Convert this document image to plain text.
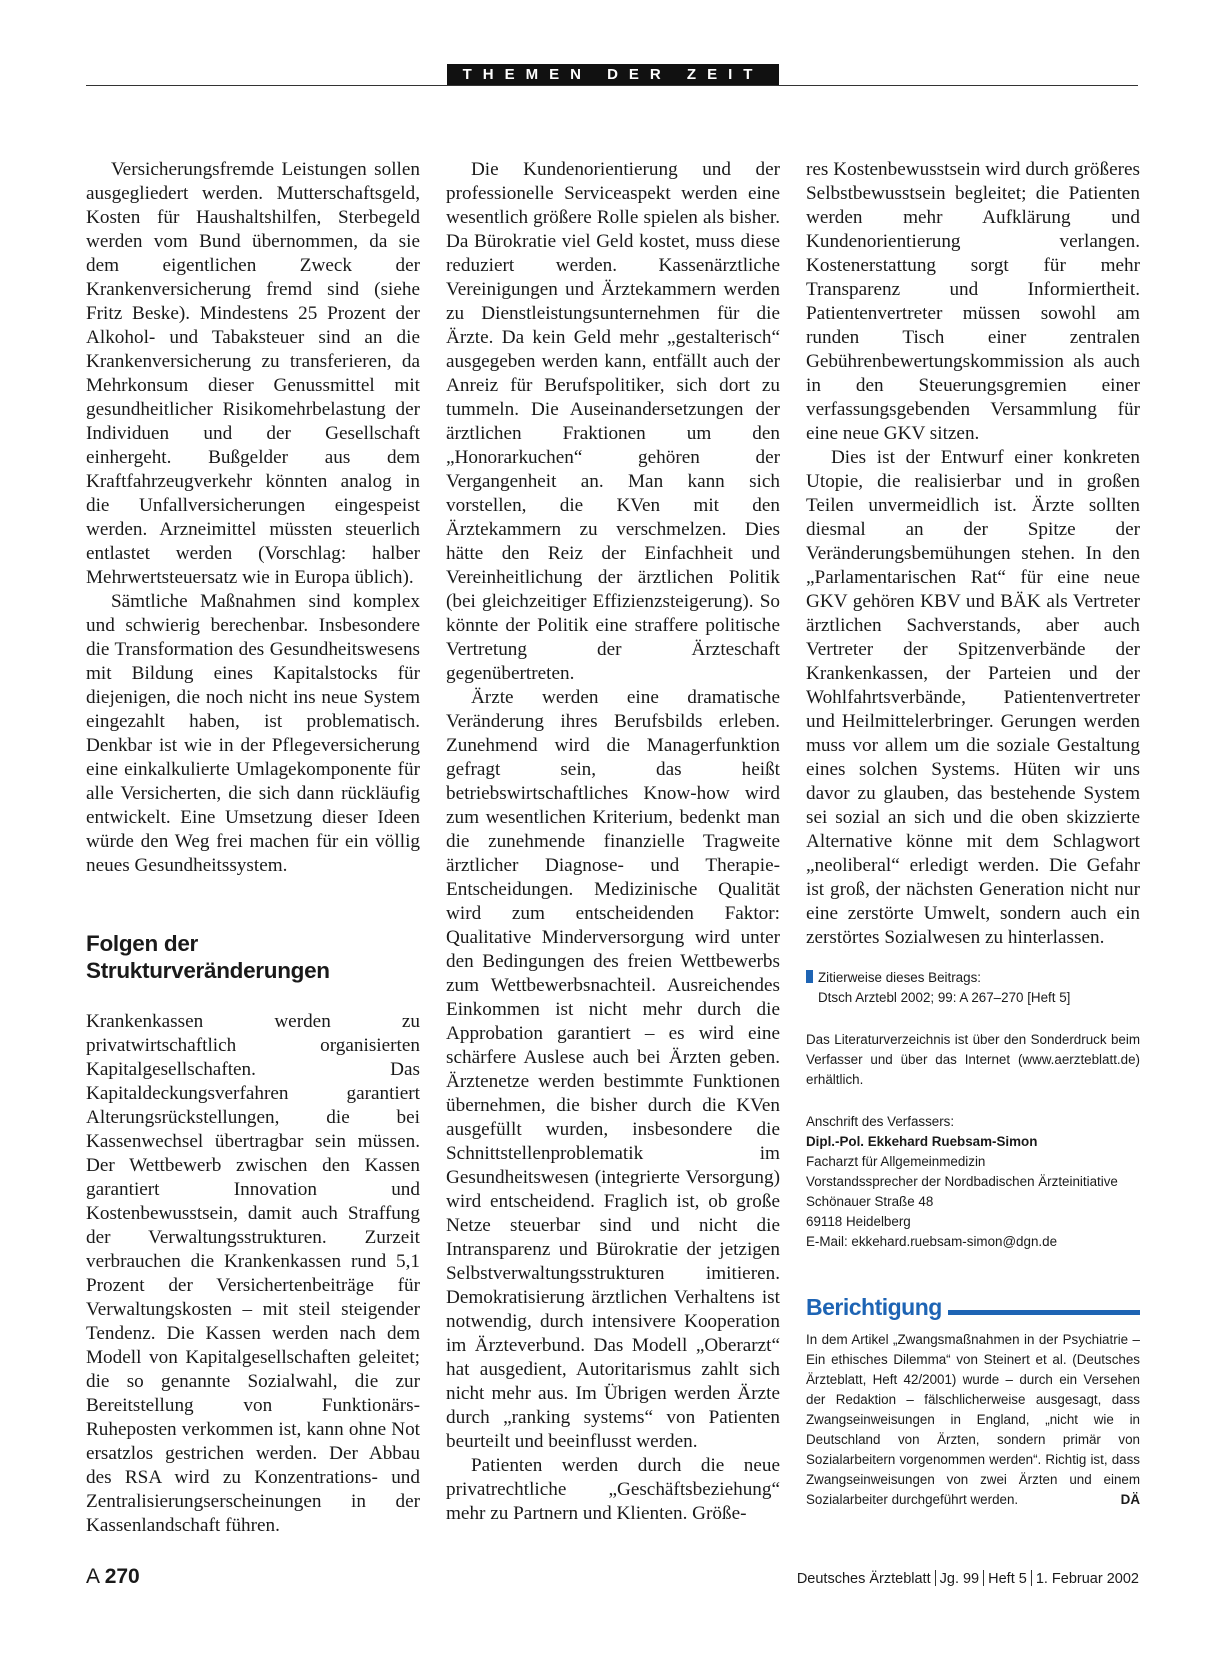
THEMEN DER ZEIT

Versicherungsfremde Leistungen sollen ausgegliedert werden. Mutterschaftsgeld, Kosten für Haushaltshilfen, Sterbegeld werden vom Bund übernommen, da sie dem eigentlichen Zweck der Krankenversicherung fremd sind (siehe Fritz Beske). Mindestens 25 Prozent der Alkohol- und Tabaksteuer sind an die Krankenversicherung zu transferieren, da Mehrkonsum dieser Genussmittel mit gesundheitlicher Risikomehrbelastung der Individuen und der Gesellschaft einhergeht. Bußgelder aus dem Kraftfahrzeugverkehr könnten analog in die Unfallversicherungen eingespeist werden. Arzneimittel müssten steuerlich entlastet werden (Vorschlag: halber Mehrwertsteuersatz wie in Europa üblich).

Sämtliche Maßnahmen sind komplex und schwierig berechenbar. Insbesondere die Transformation des Gesundheitswesens mit Bildung eines Kapitalstocks für diejenigen, die noch nicht ins neue System eingezahlt haben, ist problematisch. Denkbar ist wie in der Pflegeversicherung eine einkalkulierte Umlagekomponente für alle Versicherten, die sich dann rückläufig entwickelt. Eine Umsetzung dieser Ideen würde den Weg frei machen für ein völlig neues Gesundheitssystem.

Folgen der
Strukturveränderungen

Krankenkassen werden zu privatwirtschaftlich organisierten Kapitalgesellschaften. Das Kapitaldeckungsverfahren garantiert Alterungsrückstellungen, die bei Kassenwechsel übertragbar sein müssen. Der Wettbewerb zwischen den Kassen garantiert Innovation und Kostenbewusstsein, damit auch Straffung der Verwaltungsstrukturen. Zurzeit verbrauchen die Krankenkassen rund 5,1 Prozent der Versichertenbeiträge für Verwaltungskosten – mit steil steigender Tendenz. Die Kassen werden nach dem Modell von Kapitalgesellschaften geleitet; die so genannte Sozialwahl, die zur Bereitstellung von Funktionärs-Ruheposten verkommen ist, kann ohne Not ersatzlos gestrichen werden. Der Abbau des RSA wird zu Konzentrations- und Zentralisierungserscheinungen in der Kassenlandschaft führen.

Die Kundenorientierung und der professionelle Serviceaspekt werden eine wesentlich größere Rolle spielen als bisher. Da Bürokratie viel Geld kostet, muss diese reduziert werden. Kassenärztliche Vereinigungen und Ärztekammern werden zu Dienstleistungsunternehmen für die Ärzte. Da kein Geld mehr „gestalterisch“ ausgegeben werden kann, entfällt auch der Anreiz für Berufspolitiker, sich dort zu tummeln. Die Auseinandersetzungen der ärztlichen Fraktionen um den „Honorarkuchen“ gehören der Vergangenheit an. Man kann sich vorstellen, die KVen mit den Ärztekammern zu verschmelzen. Dies hätte den Reiz der Einfachheit und Vereinheitlichung der ärztlichen Politik (bei gleichzeitiger Effizienzsteigerung). So könnte der Politik eine straffere politische Vertretung der Ärzteschaft gegenübertreten.

Ärzte werden eine dramatische Veränderung ihres Berufsbilds erleben. Zunehmend wird die Managerfunktion gefragt sein, das heißt betriebswirtschaftliches Know-how wird zum wesentlichen Kriterium, bedenkt man die zunehmende finanzielle Tragweite ärztlicher Diagnose- und Therapie-Entscheidungen. Medizinische Qualität wird zum entscheidenden Faktor: Qualitative Minderversorgung wird unter den Bedingungen des freien Wettbewerbs zum Wettbewerbsnachteil. Ausreichendes Einkommen ist nicht mehr durch die Approbation garantiert – es wird eine schärfere Auslese auch bei Ärzten geben. Ärztenetze werden bestimmte Funktionen übernehmen, die bisher durch die KVen ausgefüllt wurden, insbesondere die Schnittstellenproblematik im Gesundheitswesen (integrierte Versorgung) wird entscheidend. Fraglich ist, ob große Netze steuerbar sind und nicht die Intransparenz und Bürokratie der jetzigen Selbstverwaltungsstrukturen imitieren. Demokratisierung ärztlichen Verhaltens ist notwendig, durch intensivere Kooperation im Ärzteverbund. Das Modell „Oberarzt“ hat ausgedient, Autoritarismus zahlt sich nicht mehr aus. Im Übrigen werden Ärzte durch „ranking systems“ von Patienten beurteilt und beeinflusst werden.

Patienten werden durch die neue privatrechtliche „Geschäftsbeziehung“ mehr zu Partnern und Klienten. Größe-

res Kostenbewusstsein wird durch größeres Selbstbewusstsein begleitet; die Patienten werden mehr Aufklärung und Kundenorientierung verlangen. Kostenerstattung sorgt für mehr Transparenz und Informiertheit. Patientenvertreter müssen sowohl am runden Tisch einer zentralen Gebührenbewertungskommission als auch in den Steuerungsgremien einer verfassungsgebenden Versammlung für eine neue GKV sitzen.

Dies ist der Entwurf einer konkreten Utopie, die realisierbar und in großen Teilen unvermeidlich ist. Ärzte sollten diesmal an der Spitze der Veränderungsbemühungen stehen. In den „Parlamentarischen Rat“ für eine neue GKV gehören KBV und BÄK als Vertreter ärztlichen Sachverstands, aber auch Vertreter der Spitzenverbände der Krankenkassen, der Parteien und der Wohlfahrtsverbände, Patientenvertreter und Heilmittelerbringer. Gerungen werden muss vor allem um die soziale Gestaltung eines solchen Systems. Hüten wir uns davor zu glauben, das bestehende System sei sozial an sich und die oben skizzierte Alternative könne mit dem Schlagwort „neoliberal“ erledigt werden. Die Gefahr ist groß, der nächsten Generation nicht nur eine zerstörte Umwelt, sondern auch ein zerstörtes Sozialwesen zu hinterlassen.

Zitierweise dieses Beitrags:
Dtsch Arztebl 2002; 99: A 267–270 [Heft 5]
Das Literaturverzeichnis ist über den Sonderdruck beim Verfasser und über das Internet (www.aerzteblatt.de) erhältlich.
Anschrift des Verfassers:
Dipl.-Pol. Ekkehard Ruebsam-Simon
Facharzt für Allgemeinmedizin
Vorstandssprecher der Nordbadischen Ärzteinitiative
Schönauer Straße 48
69118 Heidelberg
E-Mail: ekkehard.ruebsam-simon@dgn.de
Berichtigung
In dem Artikel „Zwangsmaßnahmen in der Psychiatrie – Ein ethisches Dilemma“ von Steinert et al. (Deutsches Ärzteblatt, Heft 42/2001) wurde – durch ein Versehen der Redaktion – fälschlicherweise ausgesagt, dass Zwangseinweisungen in England, „nicht wie in Deutschland von Ärzten, sondern primär von Sozialarbeitern vorgenommen werden“. Richtig ist, dass Zwangseinweisungen von zwei Ärzten und einem Sozialarbeiter durchgeführt werden.	DÄ
A 270	Deutsches Ärzteblatt Jg. 99 Heft 5 1. Februar 2002
